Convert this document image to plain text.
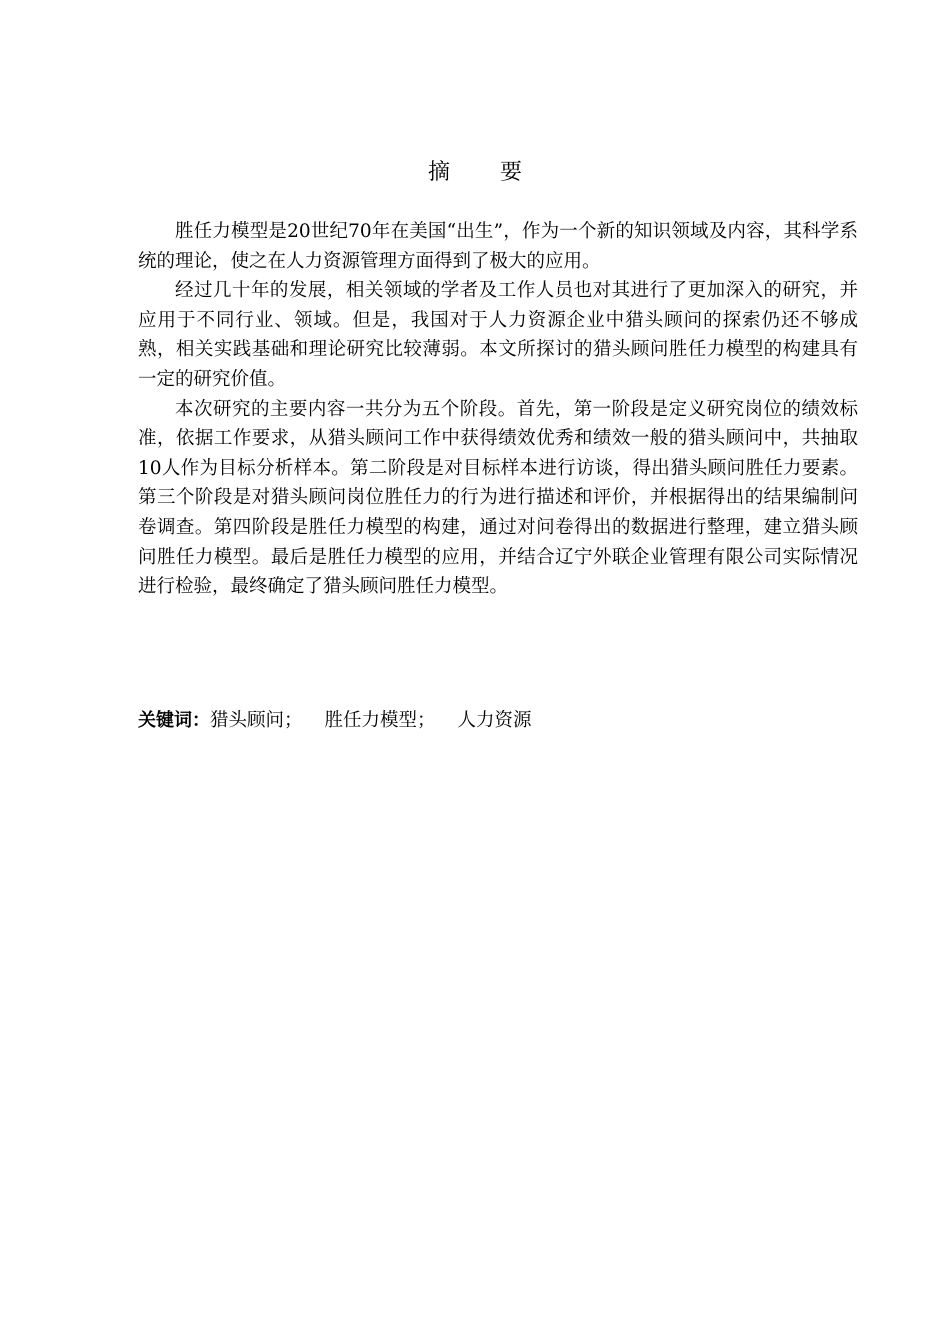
摘 要

胜任力模型是20世纪70年在美国“出生”，作为一个新的知识领域及内容，其科学系统的理论，使之在人力资源管理方面得到了极大的应用。

经过几十年的发展，相关领域的学者及工作人员也对其进行了更加深入的研究，并应用于不同行业、领域。但是，我国对于人力资源企业中猎头顾问的探索仍还不够成熟，相关实践基础和理论研究比较薄弱。本文所探讨的猎头顾问胜任力模型的构建具有一定的研究价值。

本次研究的主要内容一共分为五个阶段。首先，第一阶段是定义研究岗位的绩效标准，依据工作要求，从猎头顾问工作中获得绩效优秀和绩效一般的猎头顾问中，共抽取10人作为目标分析样本。第二阶段是对目标样本进行访谈，得出猎头顾问胜任力要素。第三个阶段是对猎头顾问岗位胜任力的行为进行描述和评价，并根据得出的结果编制问卷调查。第四阶段是胜任力模型的构建，通过对问卷得出的数据进行整理，建立猎头顾问胜任力模型。最后是胜任力模型的应用，并结合辽宁外联企业管理有限公司实际情况进行检验，最终确定了猎头顾问胜任力模型。

关键词：猎头顾问； 胜任力模型； 人力资源
